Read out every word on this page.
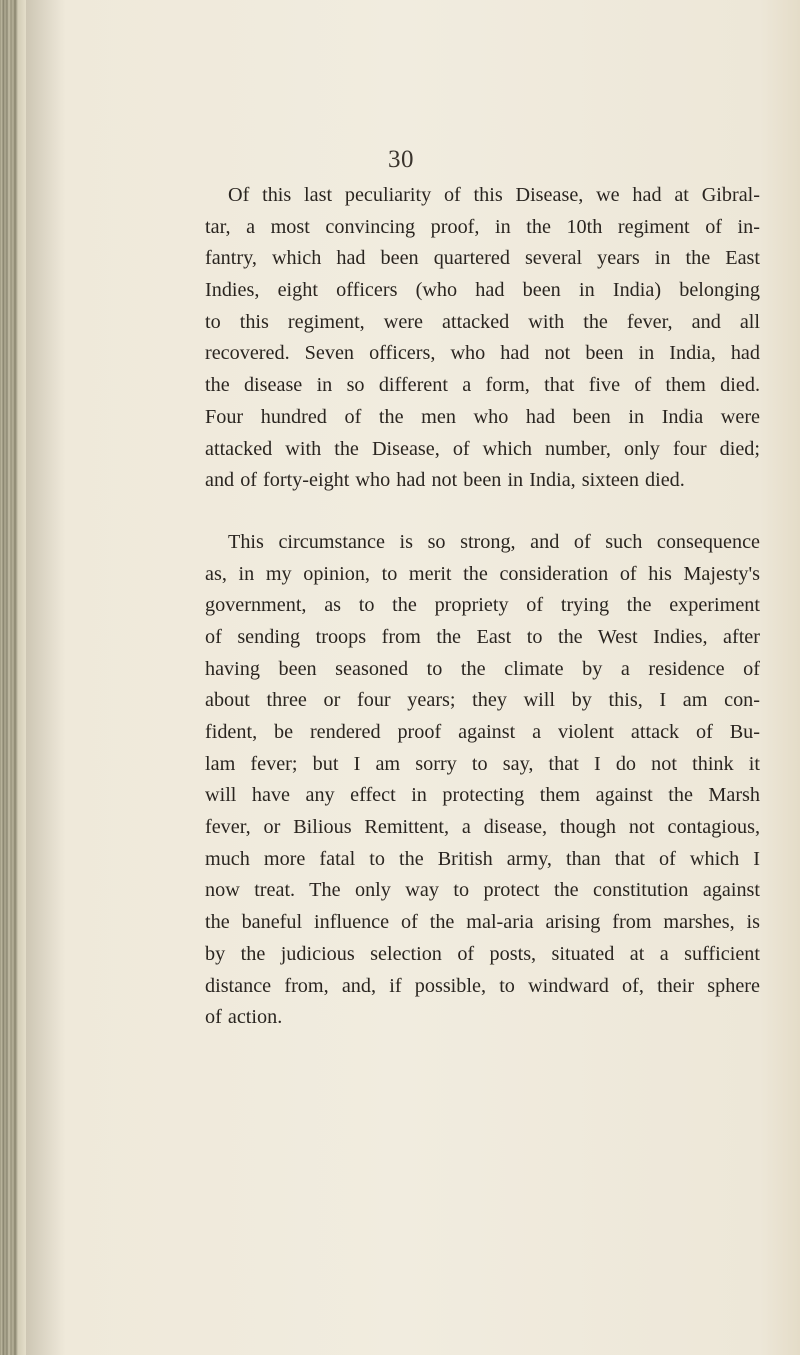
30
Of this last peculiarity of this Disease, we had at Gibral-
tar, a most convincing proof, in the 10th regiment of in-
fantry, which had been quartered several years in the East
Indies, eight officers (who had been in India) belonging
to this regiment, were attacked with the fever, and all
recovered. Seven officers, who had not been in India, had
the disease in so different a form, that five of them died.
Four hundred of the men who had been in India were
attacked with the Disease, of which number, only four died;
and of forty-eight who had not been in India, sixteen died.
This circumstance is so strong, and of such consequence
as, in my opinion, to merit the consideration of his Majesty's
government, as to the propriety of trying the experiment
of sending troops from the East to the West Indies, after
having been seasoned to the climate by a residence of
about three or four years; they will by this, I am con-
fident, be rendered proof against a violent attack of Bu-
lam fever; but I am sorry to say, that I do not think it
will have any effect in protecting them against the Marsh
fever, or Bilious Remittent, a disease, though not contagious,
much more fatal to the British army, than that of which I
now treat. The only way to protect the constitution against
the baneful influence of the mal-aria arising from marshes, is
by the judicious selection of posts, situated at a sufficient
distance from, and, if possible, to windward of, their sphere
of action.
